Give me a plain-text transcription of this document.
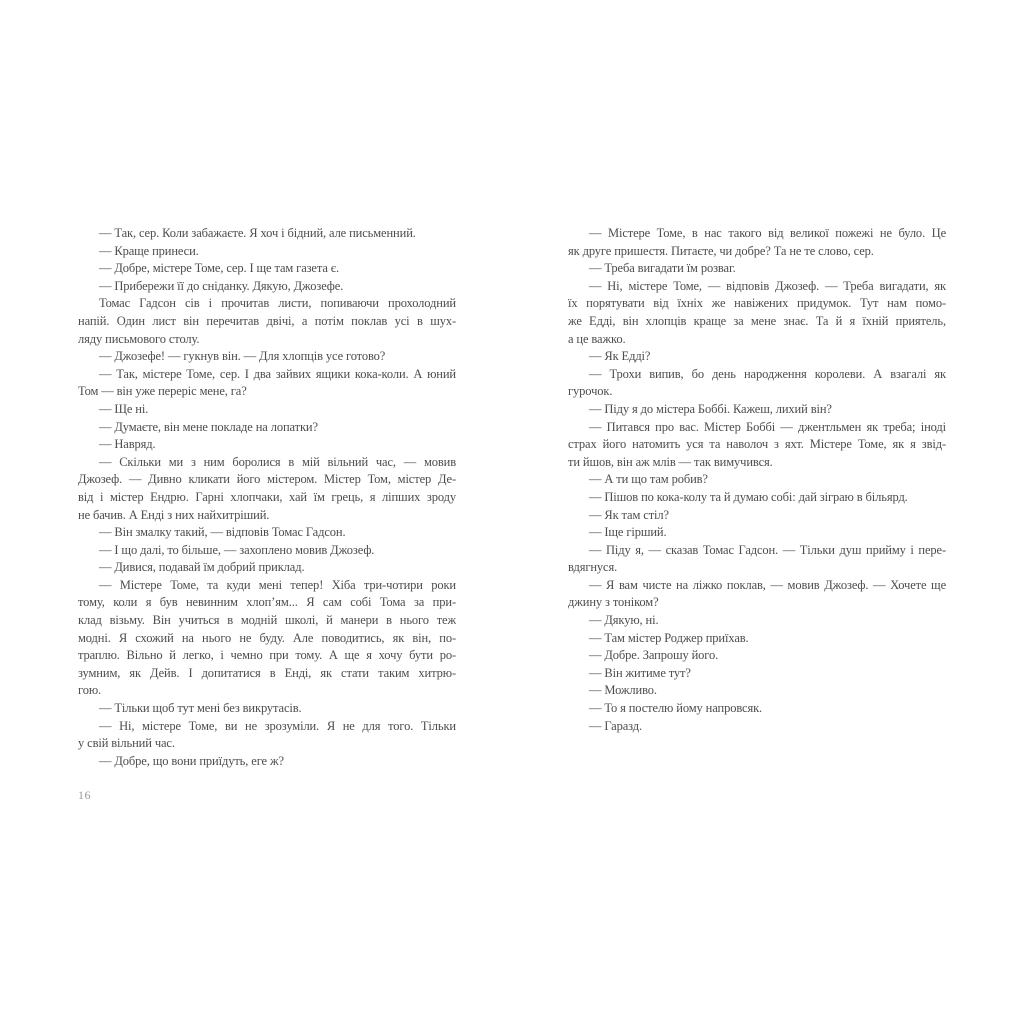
— Так, сер. Коли забажаєте. Я хоч і бідний, але письменний.
— Краще принеси.
— Добре, містере Томе, сер. І ще там газета є.
— Прибережи її до сніданку. Дякую, Джозефе.
Томас Гадсон сів і прочитав листи, попиваючи прохолодний
напій. Один лист він перечитав двічі, а потім поклав усі в шух-
ляду письмового столу.
— Джозефе! — гукнув він. — Для хлопців усе готово?
— Так, містере Томе, сер. І два зайвих ящики кока-коли. А юний
Том — він уже переріс мене, га?
— Ще ні.
— Думаєте, він мене покладе на лопатки?
— Навряд.
— Скільки ми з ним боролися в мій вільний час, — мовив
Джозеф. — Дивно кликати його містером. Містер Том, містер Де-
від і містер Ендрю. Гарні хлопчаки, хай їм грець, я ліпших зроду
не бачив. А Енді з них найхитріший.
— Він змалку такий, — відповів Томас Гадсон.
— І що далі, то більше, — захоплено мовив Джозеф.
— Дивися, подавай їм добрий приклад.
— Містере Томе, та куди мені тепер! Хіба три-чотири роки
тому, коли я був невинним хлоп’ям... Я сам собі Тома за при-
клад візьму. Він учиться в модній школі, й манери в нього теж
модні. Я схожий на нього не буду. Але поводитись, як він, по-
траплю. Вільно й легко, і чемно при тому. А ще я хочу бути ро-
зумним, як Дейв. І допитатися в Енді, як стати таким хитрю-
гою.
— Тільки щоб тут мені без викрутасів.
— Ні, містере Томе, ви не зрозуміли. Я не для того. Тільки
у свій вільний час.
— Добре, що вони приїдуть, еге ж?
— Містере Томе, в нас такого від великої пожежі не було. Це
як друге пришестя. Питаєте, чи добре? Та не те слово, сер.
— Треба вигадати їм розваг.
— Ні, містере Томе, — відповів Джозеф. — Треба вигадати, як
їх порятувати від їхніх же навіжених придумок. Тут нам помо-
же Едді, він хлопців краще за мене знає. Та й я їхній приятель,
а це важко.
— Як Едді?
— Трохи випив, бо день народження королеви. А взагалі як
гурочок.
— Піду я до містера Боббі. Кажеш, лихий він?
— Питався про вас. Містер Боббі — джентльмен як треба; іноді
страх його натомить уся та наволоч з яхт. Містере Томе, як я звід-
ти йшов, він аж млів — так вимучився.
— А ти що там робив?
— Пішов по кока-колу та й думаю собі: дай зіграю в більярд.
— Як там стіл?
— Іще гірший.
— Піду я, — сказав Томас Гадсон. — Тільки душ прийму і пере-
вдягнуся.
— Я вам чисте на ліжко поклав, — мовив Джозеф. — Хочете ще
джину з тоніком?
— Дякую, ні.
— Там містер Роджер приїхав.
— Добре. Запрошу його.
— Він житиме тут?
— Можливо.
— То я постелю йому напровсяк.
— Гаразд.
16
